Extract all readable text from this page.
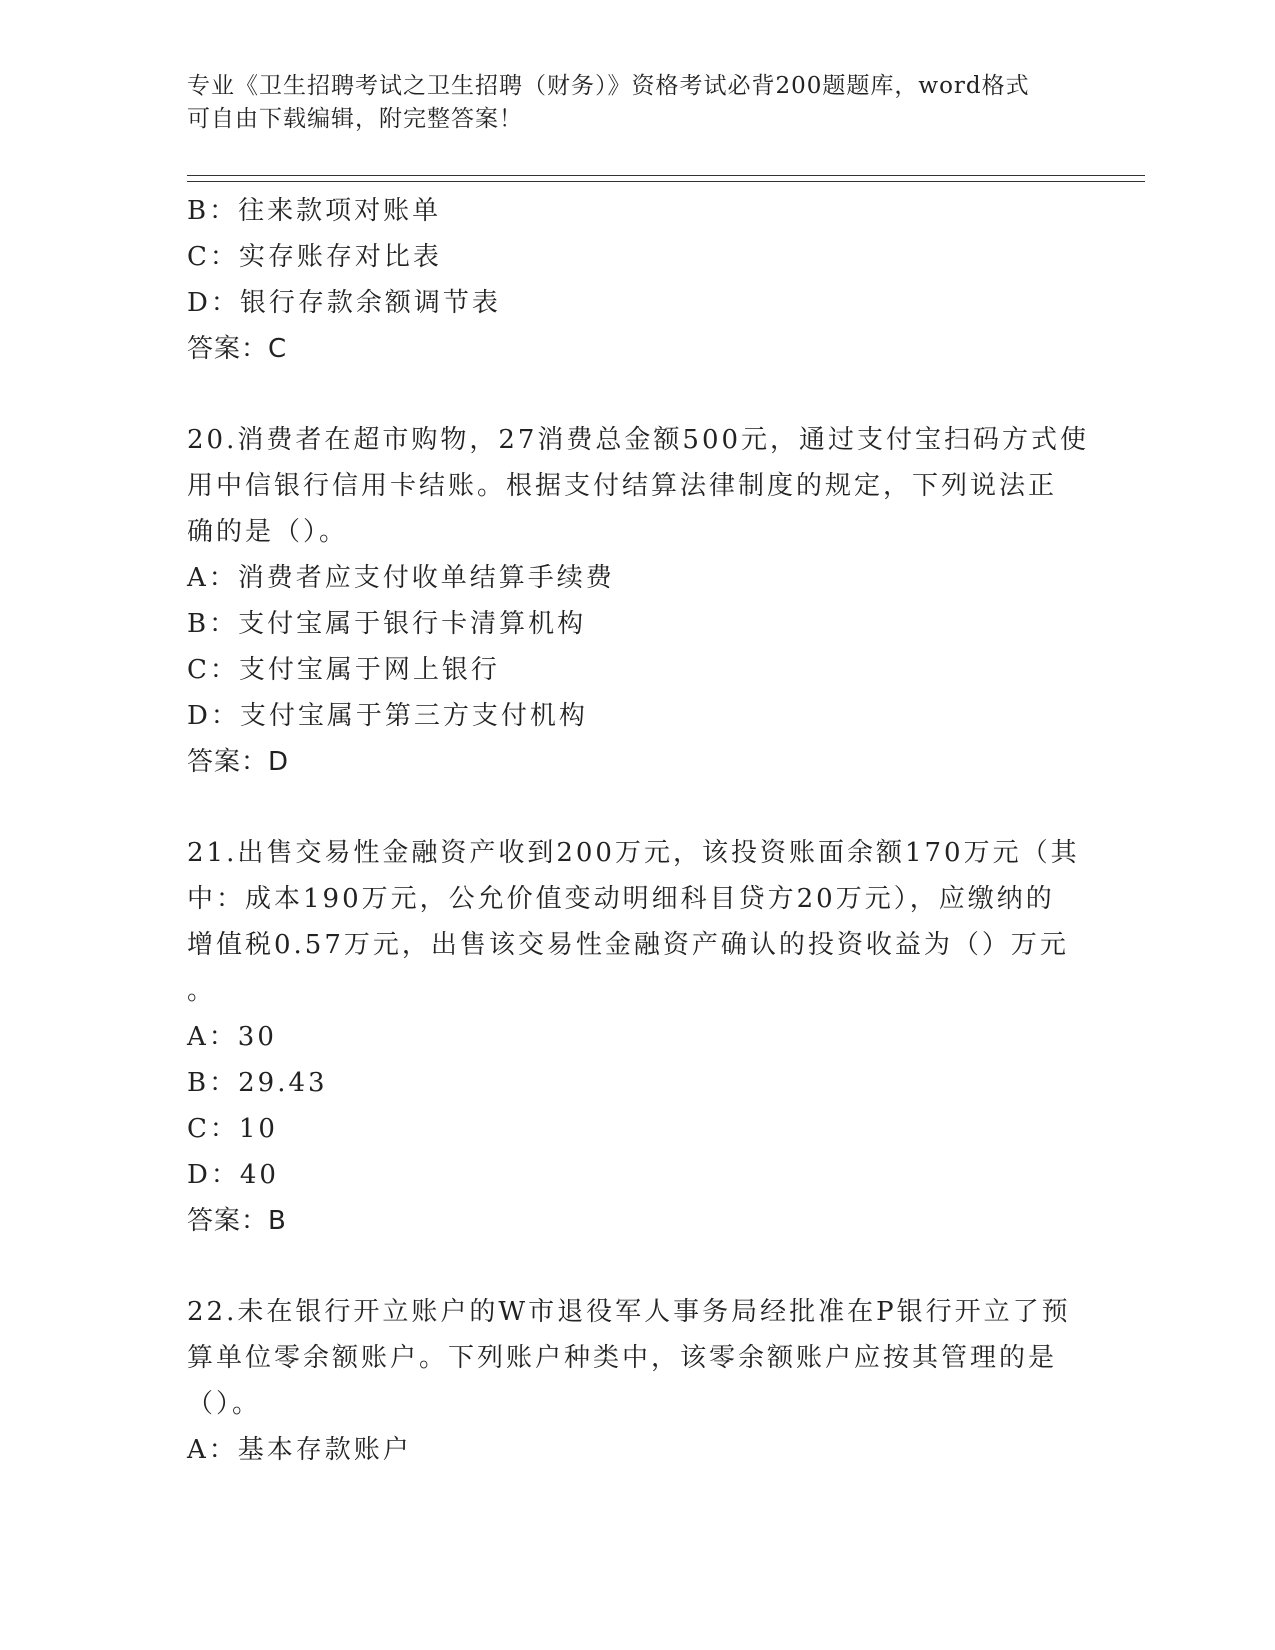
专业《卫生招聘考试之卫生招聘（财务）》资格考试必背200题题库，word格式
可自由下载编辑，附完整答案！
B：往来款项对账单
C：实存账存对比表
D：银行存款余额调节表
答案：C
20.消费者在超市购物，27消费总金额500元，通过支付宝扫码方式使
用中信银行信用卡结账。根据支付结算法律制度的规定，下列说法正
确的是（）。
A：消费者应支付收单结算手续费
B：支付宝属于银行卡清算机构
C：支付宝属于网上银行
D：支付宝属于第三方支付机构
答案：D
21.出售交易性金融资产收到200万元，该投资账面余额170万元（其
中：成本190万元，公允价值变动明细科目贷方20万元），应缴纳的
增值税0.57万元，出售该交易性金融资产确认的投资收益为（）万元
。
A：30
B：29.43
C：10
D：40
答案：B
22.未在银行开立账户的W市退役军人事务局经批准在P银行开立了预
算单位零余额账户。下列账户种类中，该零余额账户应按其管理的是
（）。
A：基本存款账户
